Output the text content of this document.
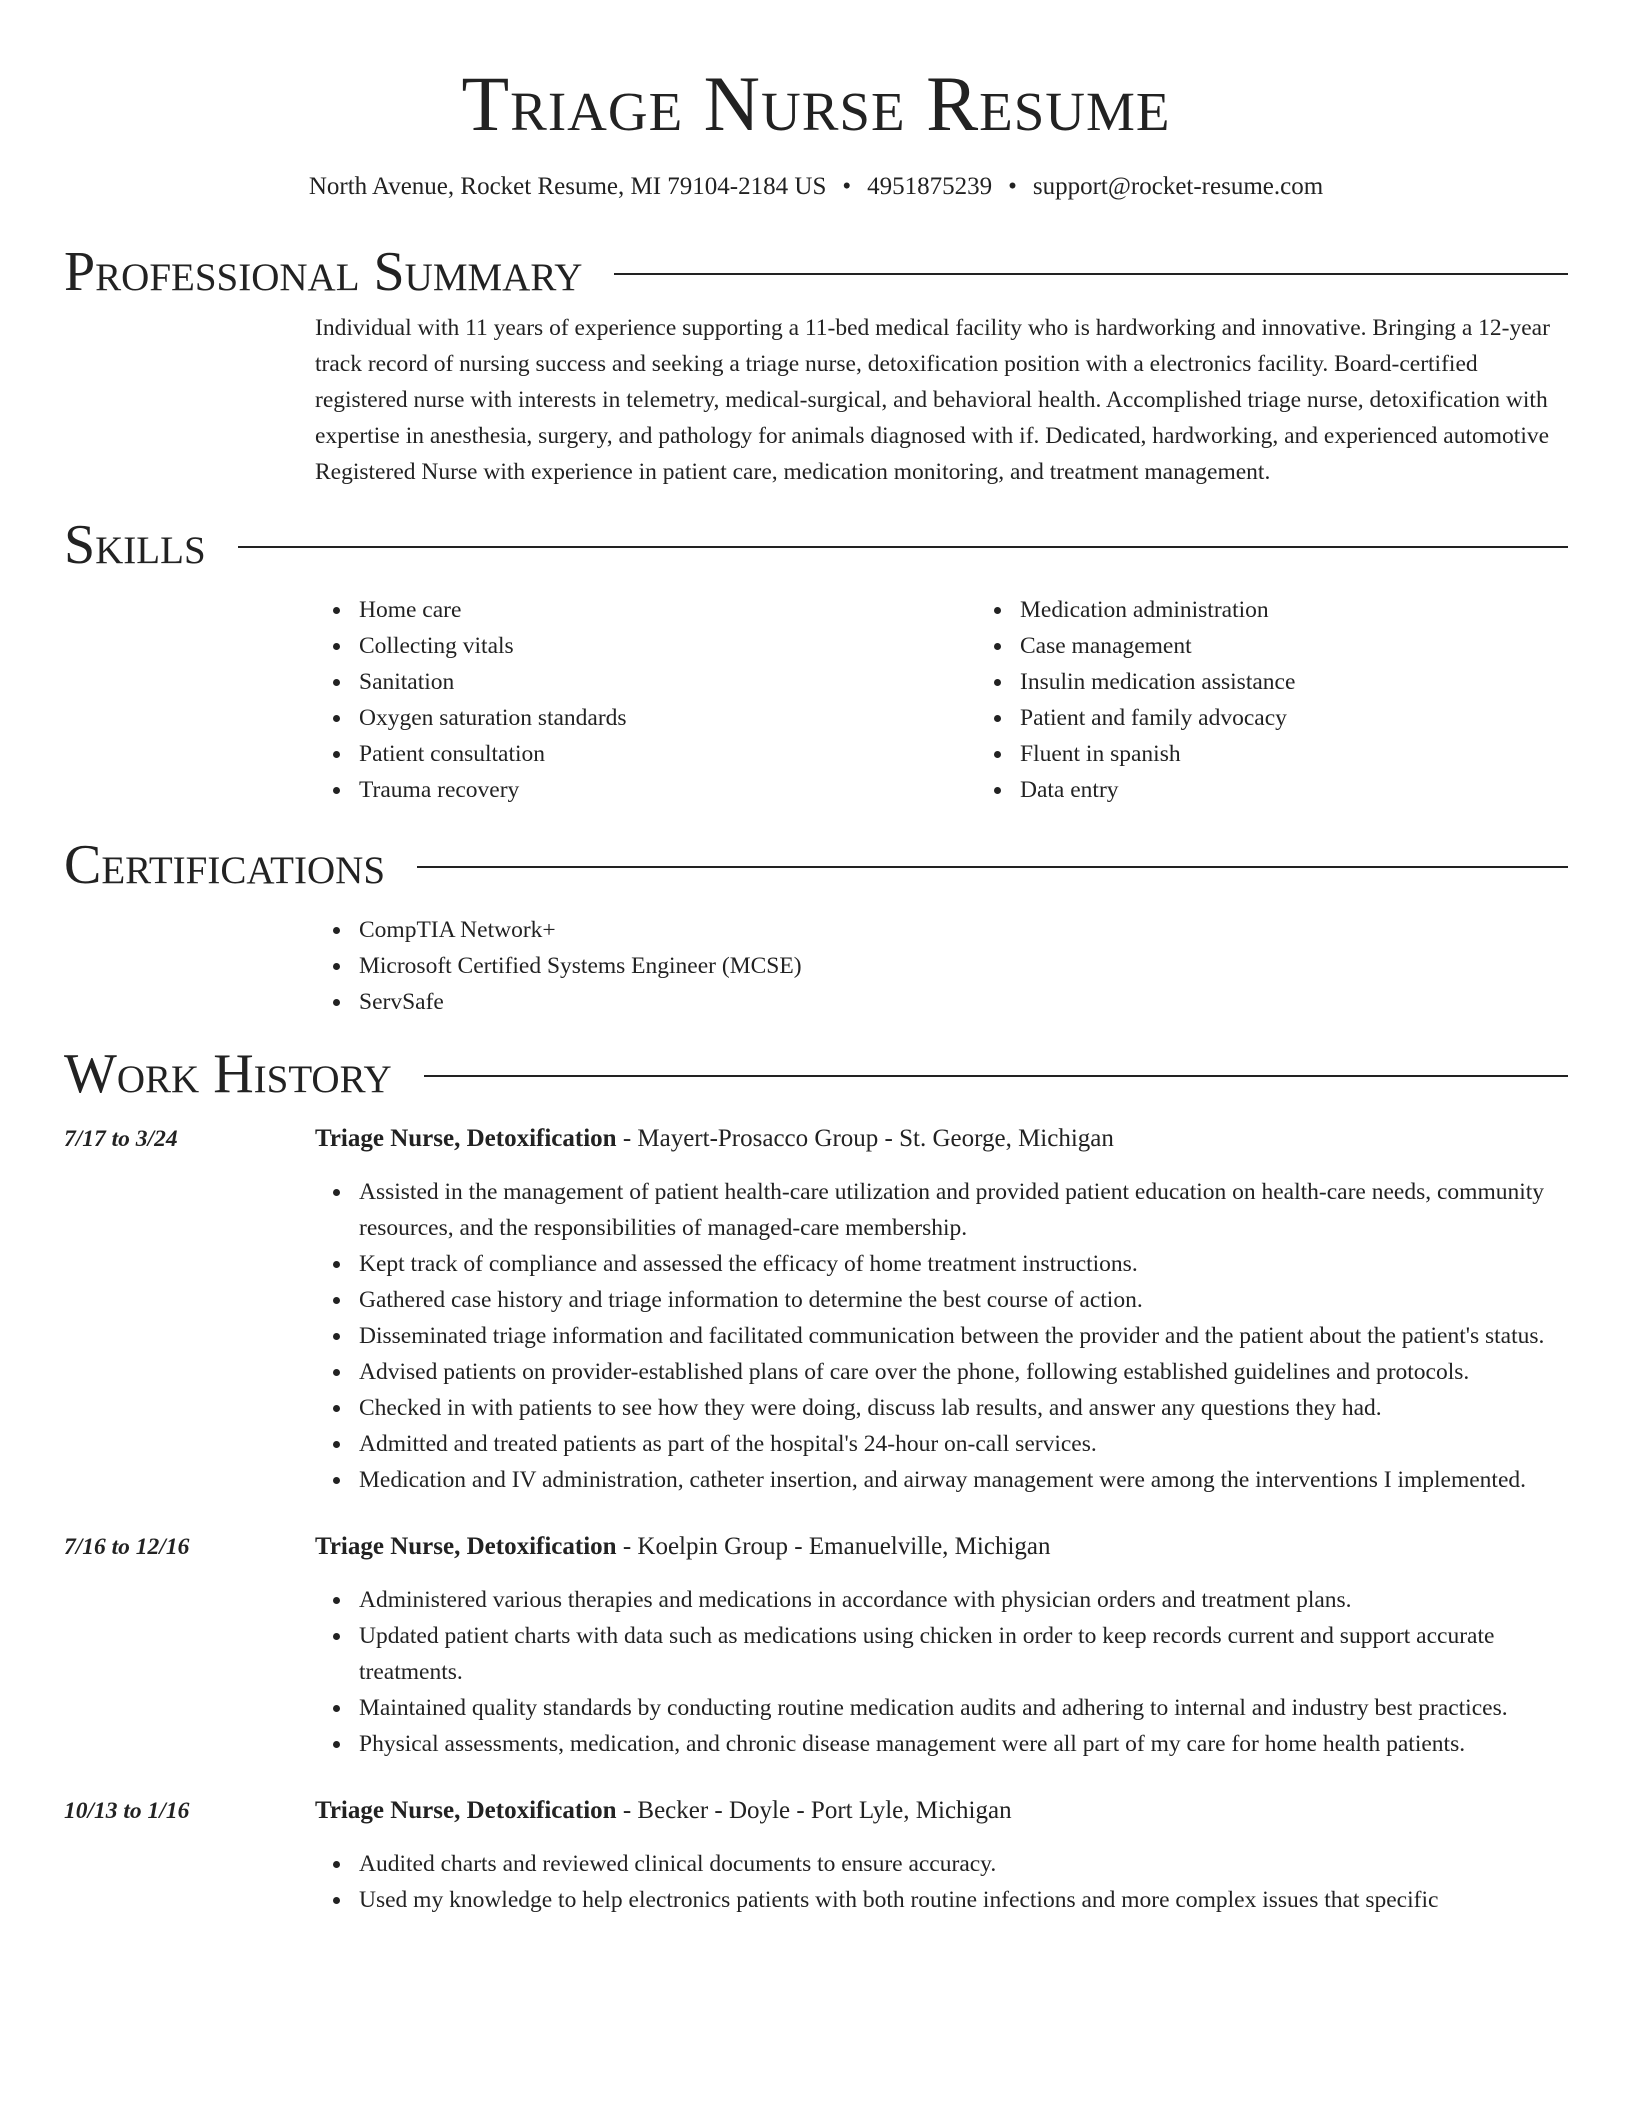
Triage Nurse Resume
North Avenue, Rocket Resume, MI 79104-2184 US • 4951875239 • support@rocket-resume.com
Professional Summary

Individual with 11 years of experience supporting a 11-bed medical facility who is hardworking and innovative. Bringing a 12-year track record of nursing success and seeking a triage nurse, detoxification position with a electronics facility. Board-certified registered nurse with interests in telemetry, medical-surgical, and behavioral health. Accomplished triage nurse, detoxification with expertise in anesthesia, surgery, and pathology for animals diagnosed with if. Dedicated, hardworking, and experienced automotive Registered Nurse with experience in patient care, medication monitoring, and treatment management.

Skills
Home care
Collecting vitals
Sanitation
Oxygen saturation standards
Patient consultation
Trauma recovery
Medication administration
Case management
Insulin medication assistance
Patient and family advocacy
Fluent in spanish
Data entry
Certifications
CompTIA Network+
Microsoft Certified Systems Engineer (MCSE)
ServSafe
Work History
7/17 to 3/24	Triage Nurse, Detoxification - Mayert-Prosacco Group - St. George, Michigan
Assisted in the management of patient health-care utilization and provided patient education on health-care needs, community resources, and the responsibilities of managed-care membership.
Kept track of compliance and assessed the efficacy of home treatment instructions.
Gathered case history and triage information to determine the best course of action.
Disseminated triage information and facilitated communication between the provider and the patient about the patient's status.
Advised patients on provider-established plans of care over the phone, following established guidelines and protocols.
Checked in with patients to see how they were doing, discuss lab results, and answer any questions they had.
Admitted and treated patients as part of the hospital's 24-hour on-call services.
Medication and IV administration, catheter insertion, and airway management were among the interventions I implemented.
7/16 to 12/16	Triage Nurse, Detoxification - Koelpin Group - Emanuelville, Michigan
Administered various therapies and medications in accordance with physician orders and treatment plans.
Updated patient charts with data such as medications using chicken in order to keep records current and support accurate treatments.
Maintained quality standards by conducting routine medication audits and adhering to internal and industry best practices.
Physical assessments, medication, and chronic disease management were all part of my care for home health patients.
10/13 to 1/16	Triage Nurse, Detoxification - Becker - Doyle - Port Lyle, Michigan
Audited charts and reviewed clinical documents to ensure accuracy.
Used my knowledge to help electronics patients with both routine infections and more complex issues that specific
